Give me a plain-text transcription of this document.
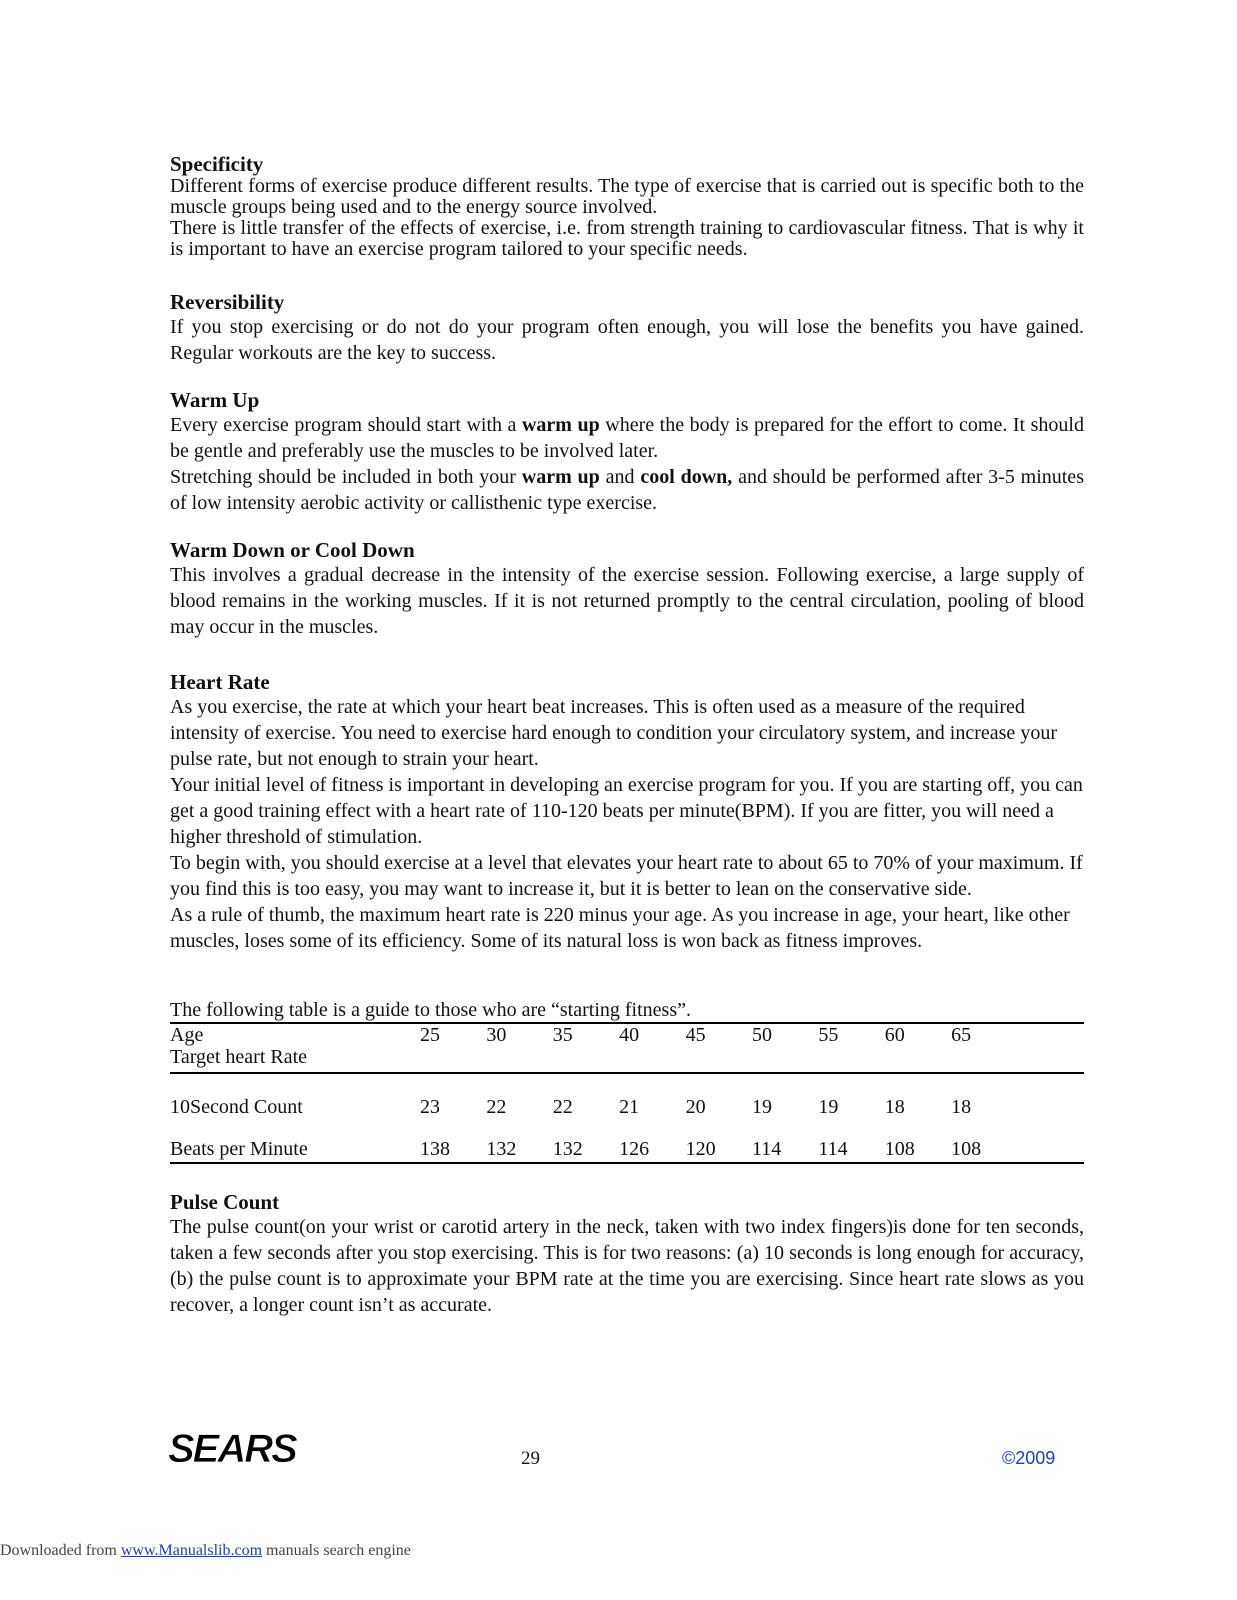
Specificity
Different forms of exercise produce different results. The type of exercise that is carried out is specific both to the muscle groups being used and to the energy source involved.
There is little transfer of the effects of exercise, i.e. from strength training to cardiovascular fitness. That is why it is important to have an exercise program tailored to your specific needs.
Reversibility
If you stop exercising or do not do your program often enough, you will lose the benefits you have gained. Regular workouts are the key to success.
Warm Up
Every exercise program should start with a warm up where the body is prepared for the effort to come. It should be gentle and preferably use the muscles to be involved later.
Stretching should be included in both your warm up and cool down, and should be performed after 3-5 minutes of low intensity aerobic activity or callisthenic type exercise.
Warm Down or Cool Down
This involves a gradual decrease in the intensity of the exercise session. Following exercise, a large supply of blood remains in the working muscles. If it is not returned promptly to the central circulation, pooling of blood may occur in the muscles.
Heart Rate
As you exercise, the rate at which your heart beat increases. This is often used as a measure of the required intensity of exercise. You need to exercise hard enough to condition your circulatory system, and increase your pulse rate, but not enough to strain your heart.
Your initial level of fitness is important in developing an exercise program for you. If you are starting off, you can get a good training effect with a heart rate of 110-120 beats per minute(BPM). If you are fitter, you will need a higher threshold of stimulation.
To begin with, you should exercise at a level that elevates your heart rate to about 65 to 70% of your maximum. If you find this is too easy, you may want to increase it, but it is better to lean on the conservative side.
As a rule of thumb, the maximum heart rate is 220 minus your age. As you increase in age, your heart, like other muscles, loses some of its efficiency. Some of its natural loss is won back as fitness improves.
The following table is a guide to those who are “starting fitness”.
Age	25	30	35	40	45	50	55	60	65	
Target heart Rate										
10Second Count	23	22	22	21	20	19	19	18	18	
Beats per Minute	138	132	132	126	120	114	114	108	108	
Pulse Count
The pulse count(on your wrist or carotid artery in the neck, taken with two index fingers)is done for ten seconds, taken a few seconds after you stop exercising. This is for two reasons: (a) 10 seconds is long enough for accuracy, (b) the pulse count is to approximate your BPM rate at the time you are exercising. Since heart rate slows as you recover, a longer count isn’t as accurate.
SEARS	29	©2009
Downloaded from www.Manualslib.com manuals search engine
